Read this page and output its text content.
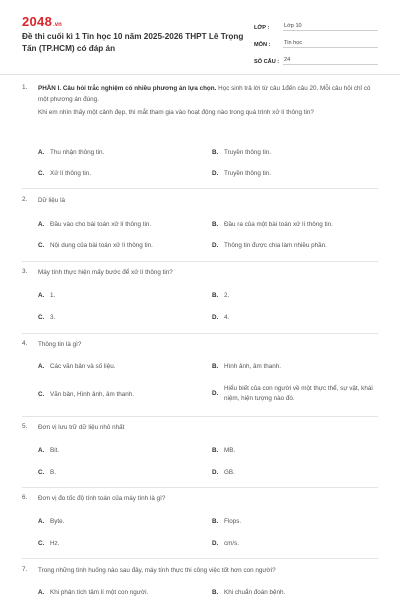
2048 .vn
Đề thi cuối kì 1 Tin học 10 năm 2025-2026 THPT Lê Trọng Tấn (TP.HCM) có đáp án
LỚP :	Lớp 10
MÔN :	Tin học
SỐ CÂU : 24
1. PHẦN I. Câu hỏi trắc nghiệm có nhiều phương án lựa chọn. Học sinh trả lời từ câu 1đến câu 20. Mỗi câu hỏi chỉ có một phương án đúng.
Khi em nhìn thấy một cảnh đẹp, thì mắt tham gia vào hoạt động nào trong quá trình xử lí thông tin?
A. Thu nhận thông tin.	B. Truyền thông tin.
C. Xử lí thông tin.	D. Truyền thông tin.
2. Dữ liệu là
A. Đầu vào cho bài toán xử lí thông tin.	B. Đầu ra của một bài toán xử lí thông tin.
C. Nội dung của bài toán xử lí thông tin.	D. Thông tin được chia làm nhiều phần.
3. Máy tính thực hiện mấy bước để xử lí thông tin?
A. 1.	B. 2.
C. 3.	D. 4.
4. Thông tin là gì?
A. Các văn bản và số liệu.	B. Hình ảnh, âm thanh.
C. Văn bản, Hình ảnh, âm thanh.	D.
Hiểu biết của con người về một thực thể, sự vật, khái niệm, hiện tượng nào đó.
5. Đơn vị lưu trữ dữ liệu nhỏ nhất
A. Bit.	B. MB.
C. B.	D. GB.
6. Đơn vị đo tốc độ tính toán của máy tính là gì?
A. Byte.	B. Flops.
C. Hz.	D. cm/s.
7. Trong những tình huống nào sau đây, máy tính thực thi công việc tốt hơn con người?
A. Khi phân tích tâm lí một con người.	B. Khi chuẩn đoán bệnh.
